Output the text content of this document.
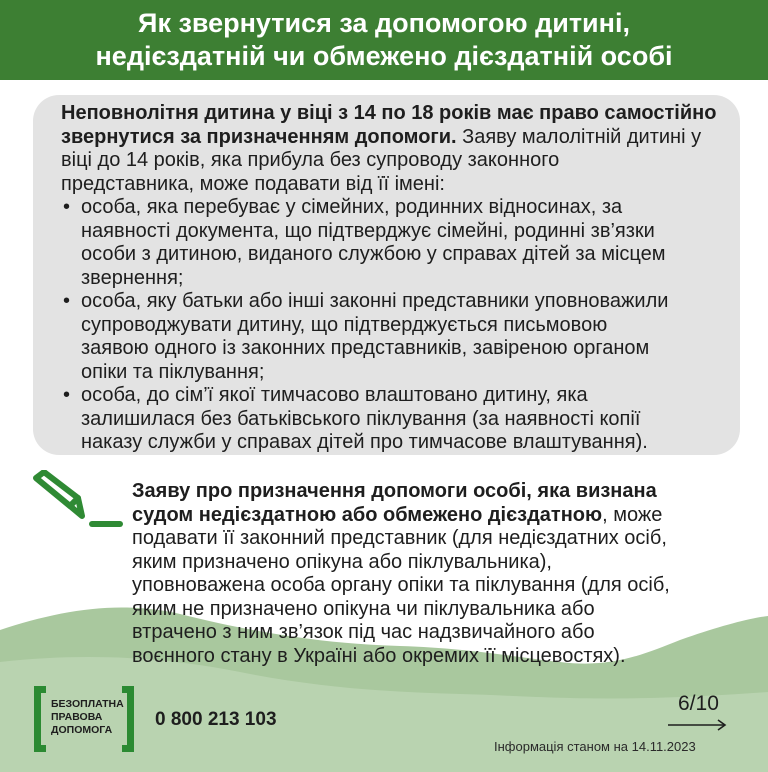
Як звернутися за допомогою дитині,
недієздатній чи обмежено дієздатній особі
Неповнолітня дитина у віці з 14 по 18 років має право самостійно
звернутися за призначенням допомоги. Заяву малолітній дитині у
віці до 14 років, яка прибула без супроводу законного
представника, може подавати від її імені:
• особа, яка перебуває у сімейних, родинних відносинах, за
наявності документа, що підтверджує сімейні, родинні зв’язки
особи з дитиною, виданого службою у справах дітей за місцем
звернення;
• особа, яку батьки або інші законні представники уповноважили
супроводжувати дитину, що підтверджується письмовою
заявою одного із законних представників, завіреною органом
опіки та піклування;
• особа, до сім’ї якої тимчасово влаштовано дитину, яка
залишилася без батьківського піклування (за наявності копії
наказу служби у справах дітей про тимчасове влаштування).
Заяву про призначення допомоги особі, яка визнана
судом недієздатною або обмежено дієздатною, може
подавати її законний представник (для недієздатних осіб,
яким призначено опікуна або піклувальника),
уповноважена особа органу опіки та піклування (для осіб,
яким не призначено опікуна чи піклувальника або
втрачено з ним зв’язок під час надзвичайного або
воєнного стану в Україні або окремих її місцевостях).
БЕЗОПЛАТНА
ПРАВОВА
ДОПОМОГА	0 800 213 103
6/10
Інформація станом на 14.11.2023
